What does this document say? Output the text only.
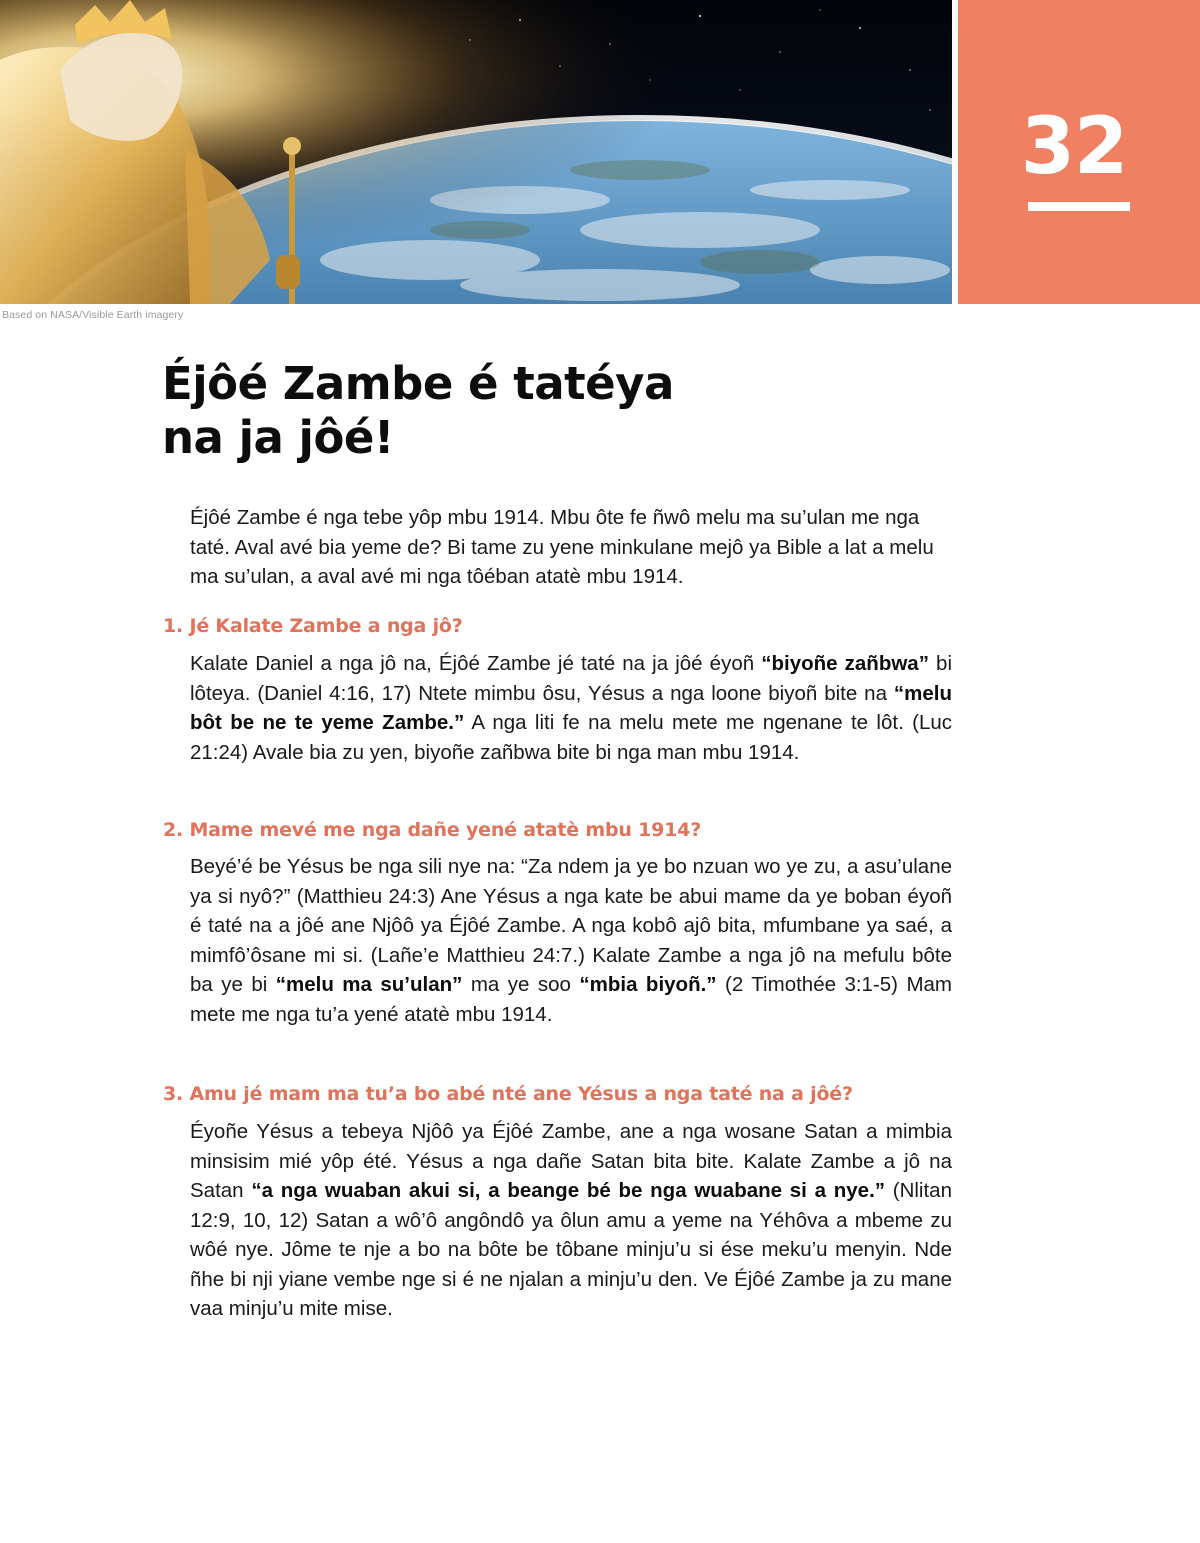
Based on NASA/Visible Earth imagery
32
Éjôé Zambe é tatéya
na ja jôé!

Éjôé Zambe é nga tebe yôp mbu 1914. Mbu ôte fe ñwô melu ma su’ulan me nga taté. Aval avé bia yeme de? Bi tame zu yene minkulane mejô ya Bible a lat a melu ma su’ulan, a aval avé mi nga tôéban atatè mbu 1914.

1. Jé Kalate Zambe a nga jô?

Kalate Daniel a nga jô na, Éjôé Zambe jé taté na ja jôé éyoñ “biyoñe zañbwa” bi lôteya. (Daniel 4:16, 17) Ntete mimbu ôsu, Yésus a nga loone biyoñ bite na “melu bôt be ne te yeme Zambe.” A nga liti fe na melu mete me ngenane te lôt. (Luc 21:24) Avale bia zu yen, biyoñe zañbwa bite bi nga man mbu 1914.

2. Mame mevé me nga dañe yené atatè mbu 1914?

Beyé’é be Yésus be nga sili nye na: “Za ndem ja ye bo nzuan wo ye zu, a asu’ulane ya si nyô?” (Matthieu 24:3) Ane Yésus a nga kate be abui mame da ye boban éyoñ é taté na a jôé ane Njôô ya Éjôé Zambe. A nga kobô ajô bita, mfumbane ya saé, a mimfô’ôsane mi si. (Lañe’e Matthieu 24:7.) Kalate Zambe a nga jô na mefulu bôte ba ye bi “melu ma su’ulan” ma ye soo “mbia biyoñ.” (2 Timothée 3:1-5) Mam mete me nga tu’a yené atatè mbu 1914.

3. Amu jé mam ma tu’a bo abé nté ane Yésus a nga taté na a jôé?

Éyoñe Yésus a tebeya Njôô ya Éjôé Zambe, ane a nga wosane Satan a mimbia minsisim mié yôp été. Yésus a nga dañe Satan bita bite. Kalate Zambe a jô na Satan “a nga wuaban akui si, a beange bé be nga wuabane si a nye.” (Nlitan 12:9, 10, 12) Satan a wô’ô angôndô ya ôlun amu a yeme na Yéhôva a mbeme zu wôé nye. Jôme te nje a bo na bôte be tôbane minju’u si ése meku’u menyin. Nde ñhe bi nji yiane vembe nge si é ne njalan a minju’u den. Ve Éjôé Zambe ja zu mane vaa minju’u mite mise.
